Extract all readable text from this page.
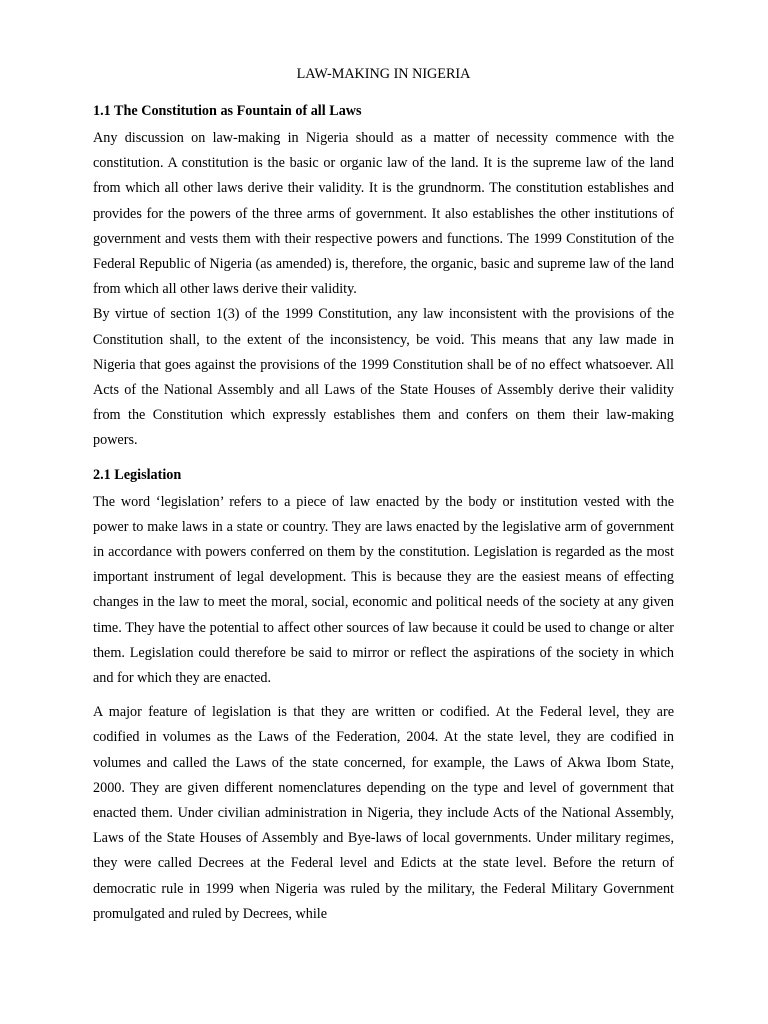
LAW-MAKING IN NIGERIA
1.1 The Constitution as Fountain of all Laws

Any discussion on law-making in Nigeria should as a matter of necessity commence with the constitution. A constitution is the basic or organic law of the land. It is the supreme law of the land from which all other laws derive their validity. It is the grundnorm. The constitution establishes and provides for the powers of the three arms of government. It also establishes the other institutions of government and vests them with their respective powers and functions. The 1999 Constitution of the Federal Republic of Nigeria (as amended) is, therefore, the organic, basic and supreme law of the land from which all other laws derive their validity.

By virtue of section 1(3) of the 1999 Constitution, any law inconsistent with the provisions of the Constitution shall, to the extent of the inconsistency, be void. This means that any law made in Nigeria that goes against the provisions of the 1999 Constitution shall be of no effect whatsoever. All Acts of the National Assembly and all Laws of the State Houses of Assembly derive their validity from the Constitution which expressly establishes them and confers on them their law-making powers.

2.1 Legislation

The word ‘legislation’ refers to a piece of law enacted by the body or institution vested with the power to make laws in a state or country. They are laws enacted by the legislative arm of government in accordance with powers conferred on them by the constitution. Legislation is regarded as the most important instrument of legal development. This is because they are the easiest means of effecting changes in the law to meet the moral, social, economic and political needs of the society at any given time. They have the potential to affect other sources of law because it could be used to change or alter them. Legislation could therefore be said to mirror or reflect the aspirations of the society in which and for which they are enacted.

A major feature of legislation is that they are written or codified. At the Federal level, they are codified in volumes as the Laws of the Federation, 2004. At the state level, they are codified in volumes and called the Laws of the state concerned, for example, the Laws of Akwa Ibom State, 2000. They are given different nomenclatures depending on the type and level of government that enacted them. Under civilian administration in Nigeria, they include Acts of the National Assembly, Laws of the State Houses of Assembly and Bye-laws of local governments. Under military regimes, they were called Decrees at the Federal level and Edicts at the state level. Before the return of democratic rule in 1999 when Nigeria was ruled by the military, the Federal Military Government promulgated and ruled by Decrees, while
